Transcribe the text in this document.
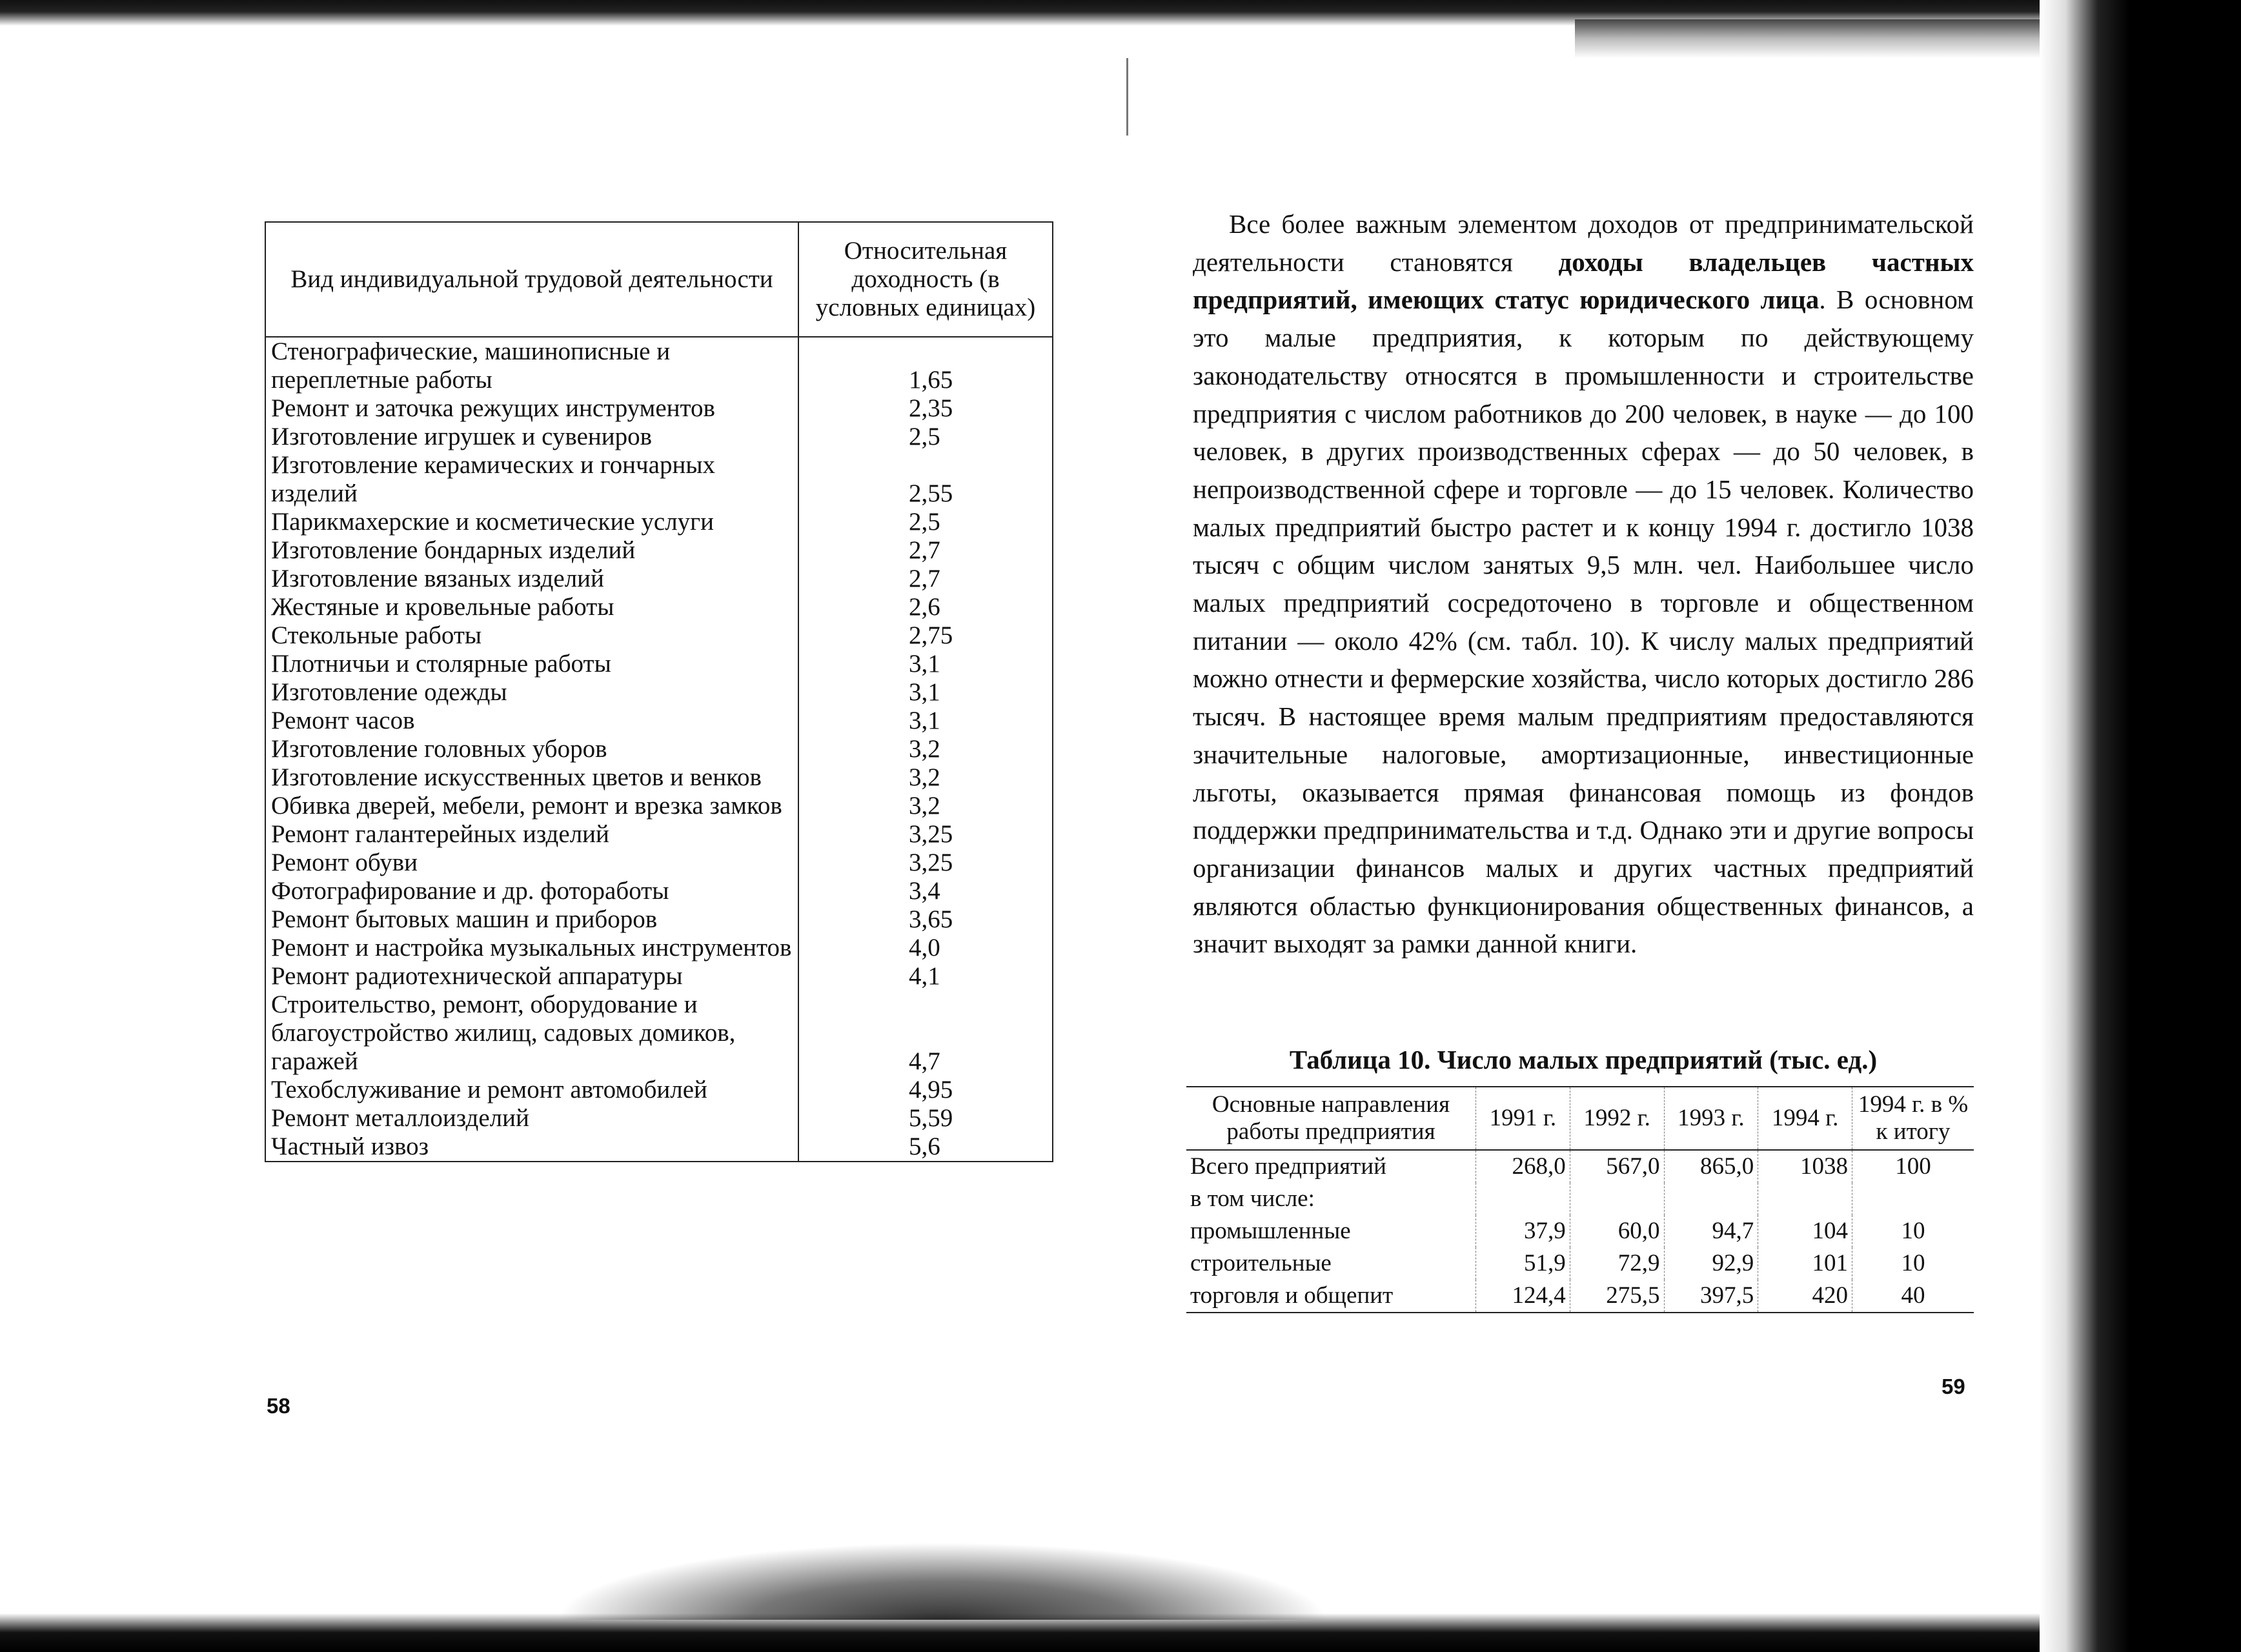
Вид индивидуальной трудовой деятельности	Относительная доходность (в условных единицах)
Стенографические, машинописные и переплетные работы	1,65
Ремонт и заточка режущих инструментов	2,35
Изготовление игрушек и сувениров	2,5
Изготовление керамических и гончарных изделий	2,55
Парикмахерские и косметические услуги	2,5
Изготовление бондарных изделий	2,7
Изготовление вязаных изделий	2,7
Жестяные и кровельные работы	2,6
Стекольные работы	2,75
Плотничьи и столярные работы	3,1
Изготовление одежды	3,1
Ремонт часов	3,1
Изготовление головных уборов	3,2
Изготовление искусственных цветов и венков	3,2
Обивка дверей, мебели, ремонт и врезка замков	3,2
Ремонт галантерейных изделий	3,25
Ремонт обуви	3,25
Фотографирование и др. фотоработы	3,4
Ремонт бытовых машин и приборов	3,65
Ремонт и настройка музыкальных инструментов	4,0
Ремонт радиотехнической аппаратуры	4,1
Строительство, ремонт, оборудование и благоустройство жилищ, садовых домиков, гаражей	4,7
Техобслуживание и ремонт автомобилей	4,95
Ремонт металлоизделий	5,59
Частный извоз	5,6
58
Все более важным элементом доходов от предпринимательской деятельности становятся доходы владельцев частных предприятий, имеющих статус юридического лица. В основном это малые предприятия, к которым по действующему законодательству относятся в промышленности и строительстве предприятия с числом работников до 200 человек, в науке — до 100 человек, в других производственных сферах — до 50 человек, в непроизводственной сфере и торговле — до 15 человек. Количество малых предприятий быстро растет и к концу 1994 г. достигло 1038 тысяч с общим числом занятых 9,5 млн. чел. Наибольшее число малых предприятий сосредоточено в торговле и общественном питании — около 42% (см. табл. 10). К числу малых предприятий можно отнести и фермерские хозяйства, число которых достигло 286 тысяч. В настоящее время малым предприятиям предоставляются значительные налоговые, амортизационные, инвестиционные льготы, оказывается прямая финансовая помощь из фондов поддержки предпринимательства и т.д. Однако эти и другие вопросы организации финансов малых и других частных предприятий являются областью функционирования общественных финансов, а значит выходят за рамки данной книги.
Таблица 10. Число малых предприятий (тыс. ед.)
Основные направления работы предприятия	1991 г.	1992 г.	1993 г.	1994 г.	1994 г. в % к итогу
Всего предприятий	268,0	567,0	865,0	1038	100
в том числе:					
промышленные	37,9	60,0	94,7	104	10
строительные	51,9	72,9	92,9	101	10
торговля и общепит	124,4	275,5	397,5	420	40
59
